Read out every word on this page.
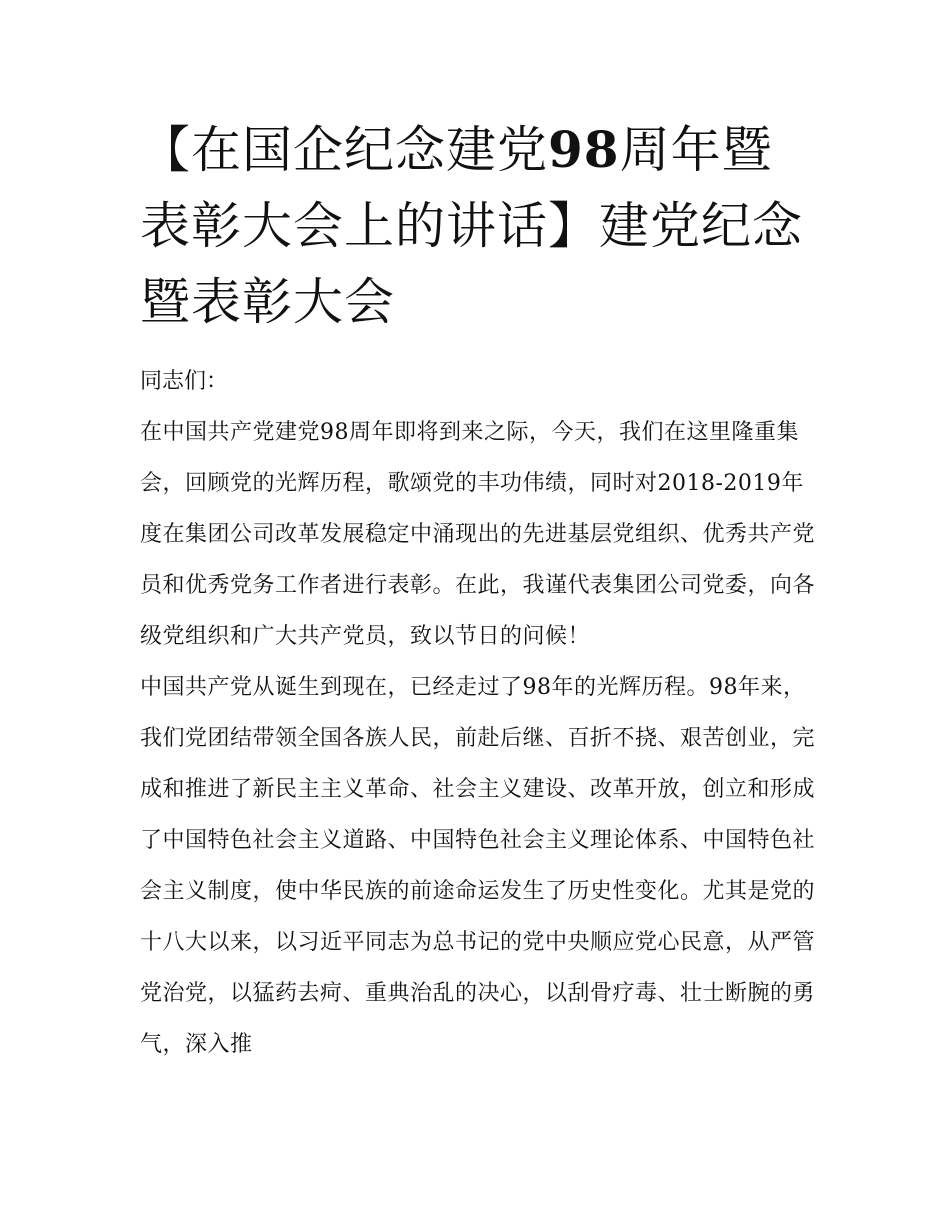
【在国企纪念建党98周年暨表彰大会上的讲话】建党纪念暨表彰大会

同志们：

在中国共产党建党98周年即将到来之际，今天，我们在这里隆重集会，回顾党的光辉历程，歌颂党的丰功伟绩，同时对2018-2019年度在集团公司改革发展稳定中涌现出的先进基层党组织、优秀共产党员和优秀党务工作者进行表彰。在此，我谨代表集团公司党委，向各级党组织和广大共产党员，致以节日的问候！

中国共产党从诞生到现在，已经走过了98年的光辉历程。98年来，我们党团结带领全国各族人民，前赴后继、百折不挠、艰苦创业，完成和推进了新民主主义革命、社会主义建设、改革开放，创立和形成了中国特色社会主义道路、中国特色社会主义理论体系、中国特色社会主义制度，使中华民族的前途命运发生了历史性变化。尤其是党的十八大以来，以习近平同志为总书记的党中央顺应党心民意，从严管党治党，以猛药去疴、重典治乱的决心，以刮骨疗毒、壮士断腕的勇气，深入推
